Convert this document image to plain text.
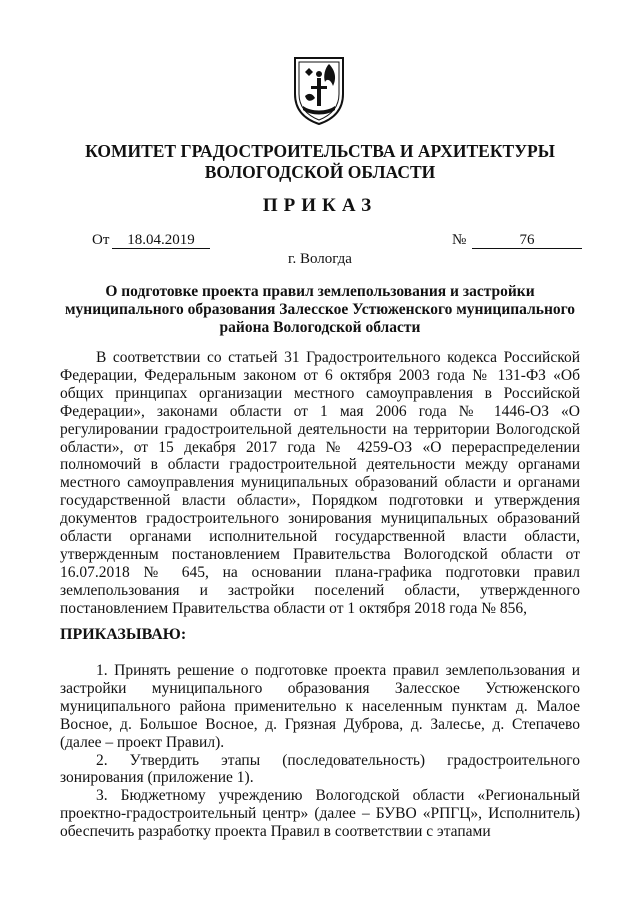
КОМИТЕТ ГРАДОСТРОИТЕЛЬСТВА И АРХИТЕКТУРЫ
ВОЛОГОДСКОЙ ОБЛАСТИ
ПРИКАЗ
От	18.04.2019	№	76
г. Вологда
О подготовке проекта правил землепользования и застройки муниципального образования Залесское Устюженского муниципального района Вологодской области
В соответствии со статьей 31 Градостроительного кодекса Российской Федерации, Федеральным законом от 6 октября 2003 года № 131-ФЗ «Об общих принципах организации местного самоуправления в Российской Федерации», законами области от 1 мая 2006 года № 1446-ОЗ «О регулировании градостроительной деятельности на территории Вологодской области», от 15 декабря 2017 года № 4259-ОЗ «О перераспределении полномочий в области градостроительной деятельности между органами местного самоуправления муниципальных образований области и органами государственной власти области», Порядком подготовки и утверждения документов градостроительного зонирования муниципальных образований области органами исполнительной государственной власти области, утвержденным постановлением Правительства Вологодской области от 16.07.2018 № 645, на основании плана-графика подготовки правил землепользования и застройки поселений области, утвержденного постановлением Правительства области от 1 октября 2018 года № 856,
ПРИКАЗЫВАЮ:
1. Принять решение о подготовке проекта правил землепользования и застройки муниципального образования Залесское Устюженского муниципального района применительно к населенным пунктам д. Малое Восное, д. Большое Восное, д. Грязная Дуброва, д. Залесье, д. Степачево (далее – проект Правил).
2. Утвердить этапы (последовательность) градостроительного зонирования (приложение 1).
3. Бюджетному учреждению Вологодской области «Региональный проектно-градостроительный центр» (далее – БУВО «РПГЦ», Исполнитель) обеспечить разработку проекта Правил в соответствии с этапами
